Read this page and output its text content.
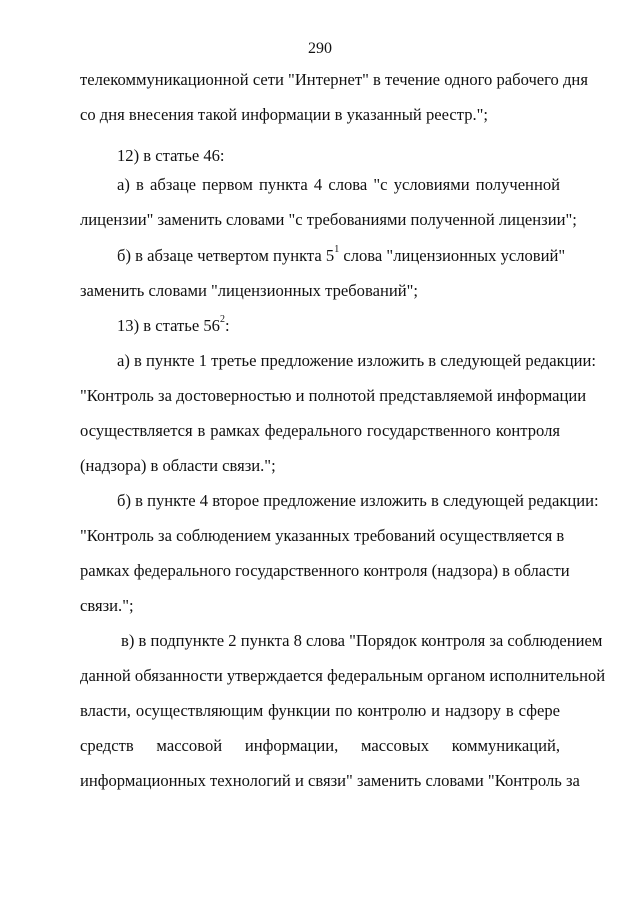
290
телекоммуникационной сети "Интернет" в течение одного рабочего дня
со дня внесения такой информации в указанный реестр.";
12) в статье 46:
а) в абзаце первом пункта 4 слова "с условиями полученной
лицензии" заменить словами "с требованиями полученной лицензии";
б) в абзаце четвертом пункта $5^1$ слова "лицензионных условий"
заменить словами "лицензионных требований";
13) в статье $56^2$:
а) в пункте 1 третье предложение изложить в следующей редакции:
"Контроль за достоверностью и полнотой представляемой информации
осуществляется в рамках федерального государственного контроля
(надзора) в области связи.";
б) в пункте 4 второе предложение изложить в следующей редакции:
"Контроль за соблюдением указанных требований осуществляется в
рамках федерального государственного контроля (надзора) в области
связи.";
в) в подпункте 2 пункта 8 слова "Порядок контроля за соблюдением
данной обязанности утверждается федеральным органом исполнительной
власти, осуществляющим функции по контролю и надзору в сфере
средств массовой информации, массовых коммуникаций,
информационных технологий и связи" заменить словами "Контроль за
